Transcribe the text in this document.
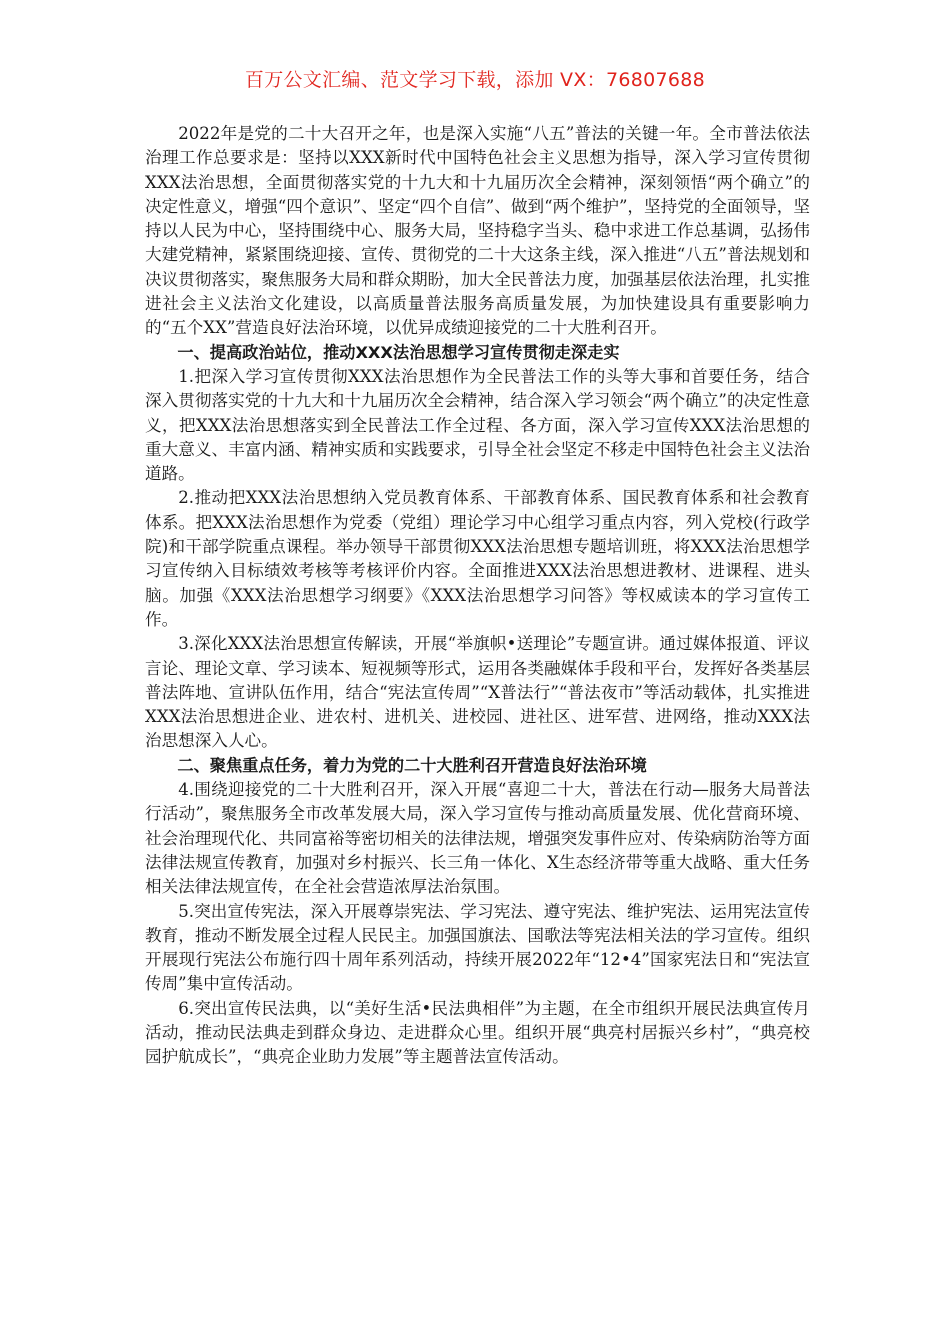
百万公文汇编、范文学习下载，添加 VX：76807688

2022年是党的二十大召开之年，也是深入实施“八五”普法的关键一年。全市普法依法治理工作总要求是：坚持以XXX新时代中国特色社会主义思想为指导，深入学习宣传贯彻XXX法治思想，全面贯彻落实党的十九大和十九届历次全会精神，深刻领悟“两个确立”的决定性意义，增强“四个意识”、坚定“四个自信”、做到“两个维护”，坚持党的全面领导，坚持以人民为中心，坚持围绕中心、服务大局，坚持稳字当头、稳中求进工作总基调，弘扬伟大建党精神，紧紧围绕迎接、宣传、贯彻党的二十大这条主线，深入推进“八五”普法规划和决议贯彻落实，聚焦服务大局和群众期盼，加大全民普法力度，加强基层依法治理，扎实推进社会主义法治文化建设，以高质量普法服务高质量发展，为加快建设具有重要影响力的“五个XX”营造良好法治环境，以优异成绩迎接党的二十大胜利召开。

一、提高政治站位，推动XXX法治思想学习宣传贯彻走深走实

1.把深入学习宣传贯彻XXX法治思想作为全民普法工作的头等大事和首要任务，结合深入贯彻落实党的十九大和十九届历次全会精神，结合深入学习领会“两个确立”的决定性意义，把XXX法治思想落实到全民普法工作全过程、各方面，深入学习宣传XXX法治思想的重大意义、丰富内涵、精神实质和实践要求，引导全社会坚定不移走中国特色社会主义法治道路。

2.推动把XXX法治思想纳入党员教育体系、干部教育体系、国民教育体系和社会教育体系。把XXX法治思想作为党委（党组）理论学习中心组学习重点内容，列入党校(行政学院)和干部学院重点课程。举办领导干部贯彻XXX法治思想专题培训班，将XXX法治思想学习宣传纳入目标绩效考核等考核评价内容。全面推进XXX法治思想进教材、进课程、进头脑。加强《XXX法治思想学习纲要》《XXX法治思想学习问答》等权威读本的学习宣传工作。

3.深化XXX法治思想宣传解读，开展“举旗帜•送理论”专题宣讲。通过媒体报道、评议言论、理论文章、学习读本、短视频等形式，运用各类融媒体手段和平台，发挥好各类基层普法阵地、宣讲队伍作用，结合“宪法宣传周”“X普法行”“普法夜市”等活动载体，扎实推进XXX法治思想进企业、进农村、进机关、进校园、进社区、进军营、进网络，推动XXX法治思想深入人心。

二、聚焦重点任务，着力为党的二十大胜利召开营造良好法治环境

4.围绕迎接党的二十大胜利召开，深入开展“喜迎二十大，普法在行动—服务大局普法行活动”，聚焦服务全市改革发展大局，深入学习宣传与推动高质量发展、优化营商环境、社会治理现代化、共同富裕等密切相关的法律法规，增强突发事件应对、传染病防治等方面法律法规宣传教育，加强对乡村振兴、长三角一体化、X生态经济带等重大战略、重大任务相关法律法规宣传，在全社会营造浓厚法治氛围。

5.突出宣传宪法，深入开展尊崇宪法、学习宪法、遵守宪法、维护宪法、运用宪法宣传教育，推动不断发展全过程人民民主。加强国旗法、国歌法等宪法相关法的学习宣传。组织开展现行宪法公布施行四十周年系列活动，持续开展2022年“12•4”国家宪法日和“宪法宣传周”集中宣传活动。

6.突出宣传民法典，以“美好生活•民法典相伴”为主题，在全市组织开展民法典宣传月活动，推动民法典走到群众身边、走进群众心里。组织开展“典亮村居振兴乡村”，“典亮校园护航成长”，“典亮企业助力发展”等主题普法宣传活动。
